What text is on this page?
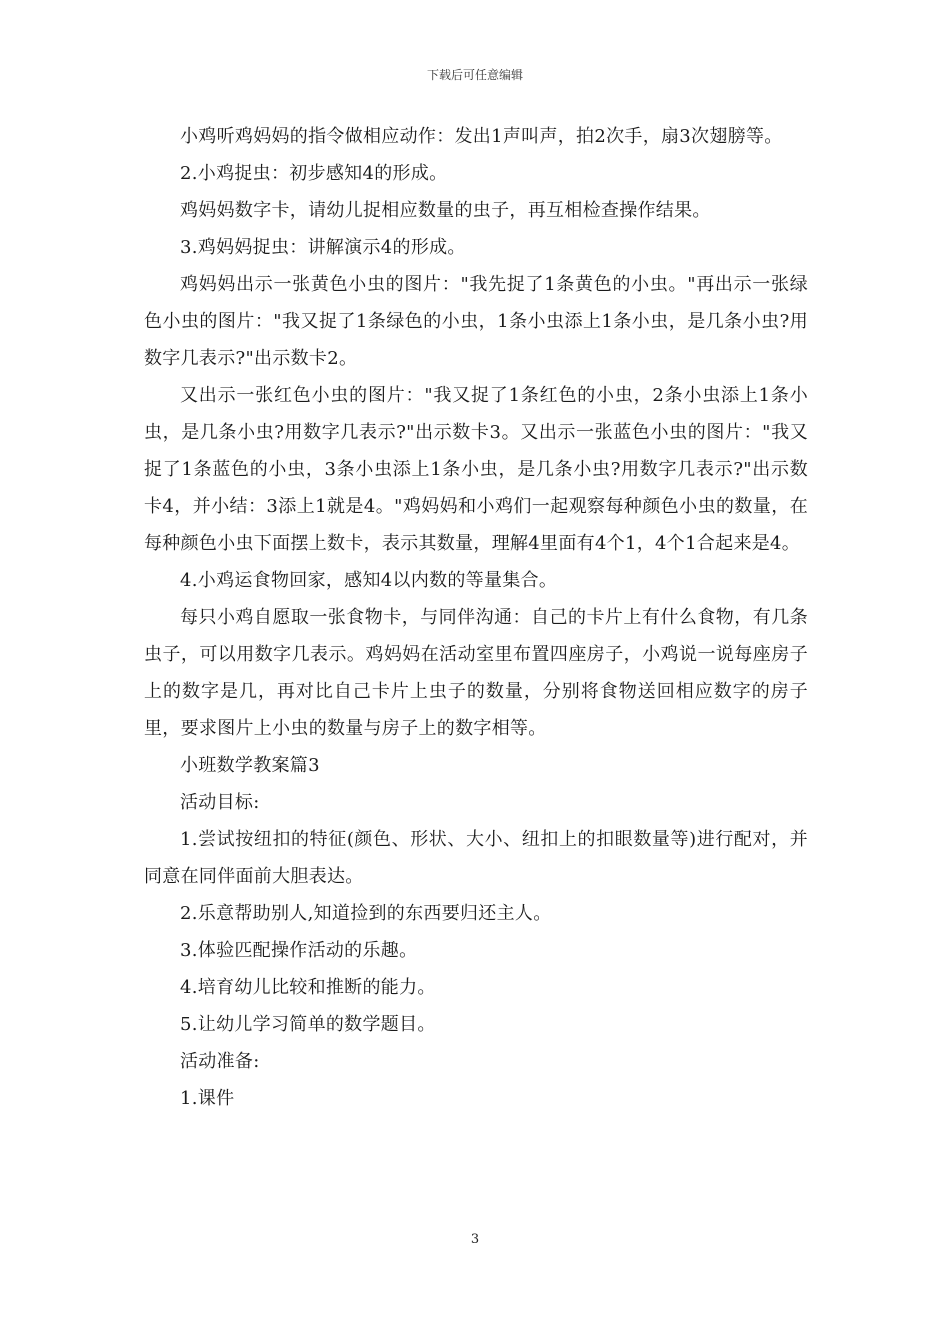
下载后可任意编辑

小鸡听鸡妈妈的指令做相应动作：发出1声叫声，拍2次手，扇3次翅膀等。

2.小鸡捉虫：初步感知4的形成。

鸡妈妈数字卡，请幼儿捉相应数量的虫子，再互相检查操作结果。

3.鸡妈妈捉虫：讲解演示4的形成。

鸡妈妈出示一张黄色小虫的图片："我先捉了1条黄色的小虫。"再出示一张绿色小虫的图片："我又捉了1条绿色的小虫，1条小虫添上1条小虫，是几条小虫?用数字几表示?"出示数卡2。

又出示一张红色小虫的图片："我又捉了1条红色的小虫，2条小虫添上1条小虫，是几条小虫?用数字几表示?"出示数卡3。又出示一张蓝色小虫的图片："我又捉了1条蓝色的小虫，3条小虫添上1条小虫，是几条小虫?用数字几表示?"出示数卡4，并小结：3添上1就是4。"鸡妈妈和小鸡们一起观察每种颜色小虫的数量，在每种颜色小虫下面摆上数卡，表示其数量，理解4里面有4个1，4个1合起来是4。

4.小鸡运食物回家，感知4以内数的等量集合。

每只小鸡自愿取一张食物卡，与同伴沟通：自己的卡片上有什么食物，有几条虫子，可以用数字几表示。鸡妈妈在活动室里布置四座房子，小鸡说一说每座房子上的数字是几，再对比自己卡片上虫子的数量，分别将食物送回相应数字的房子里，要求图片上小虫的数量与房子上的数字相等。

小班数学教案篇3

活动目标:

1.尝试按纽扣的特征(颜色、形状、大小、纽扣上的扣眼数量等)进行配对，并同意在同伴面前大胆表达。

2.乐意帮助别人,知道捡到的东西要归还主人。

3.体验匹配操作活动的乐趣。

4.培育幼儿比较和推断的能力。

5.让幼儿学习简单的数学题目。

活动准备:

1.课件

3
